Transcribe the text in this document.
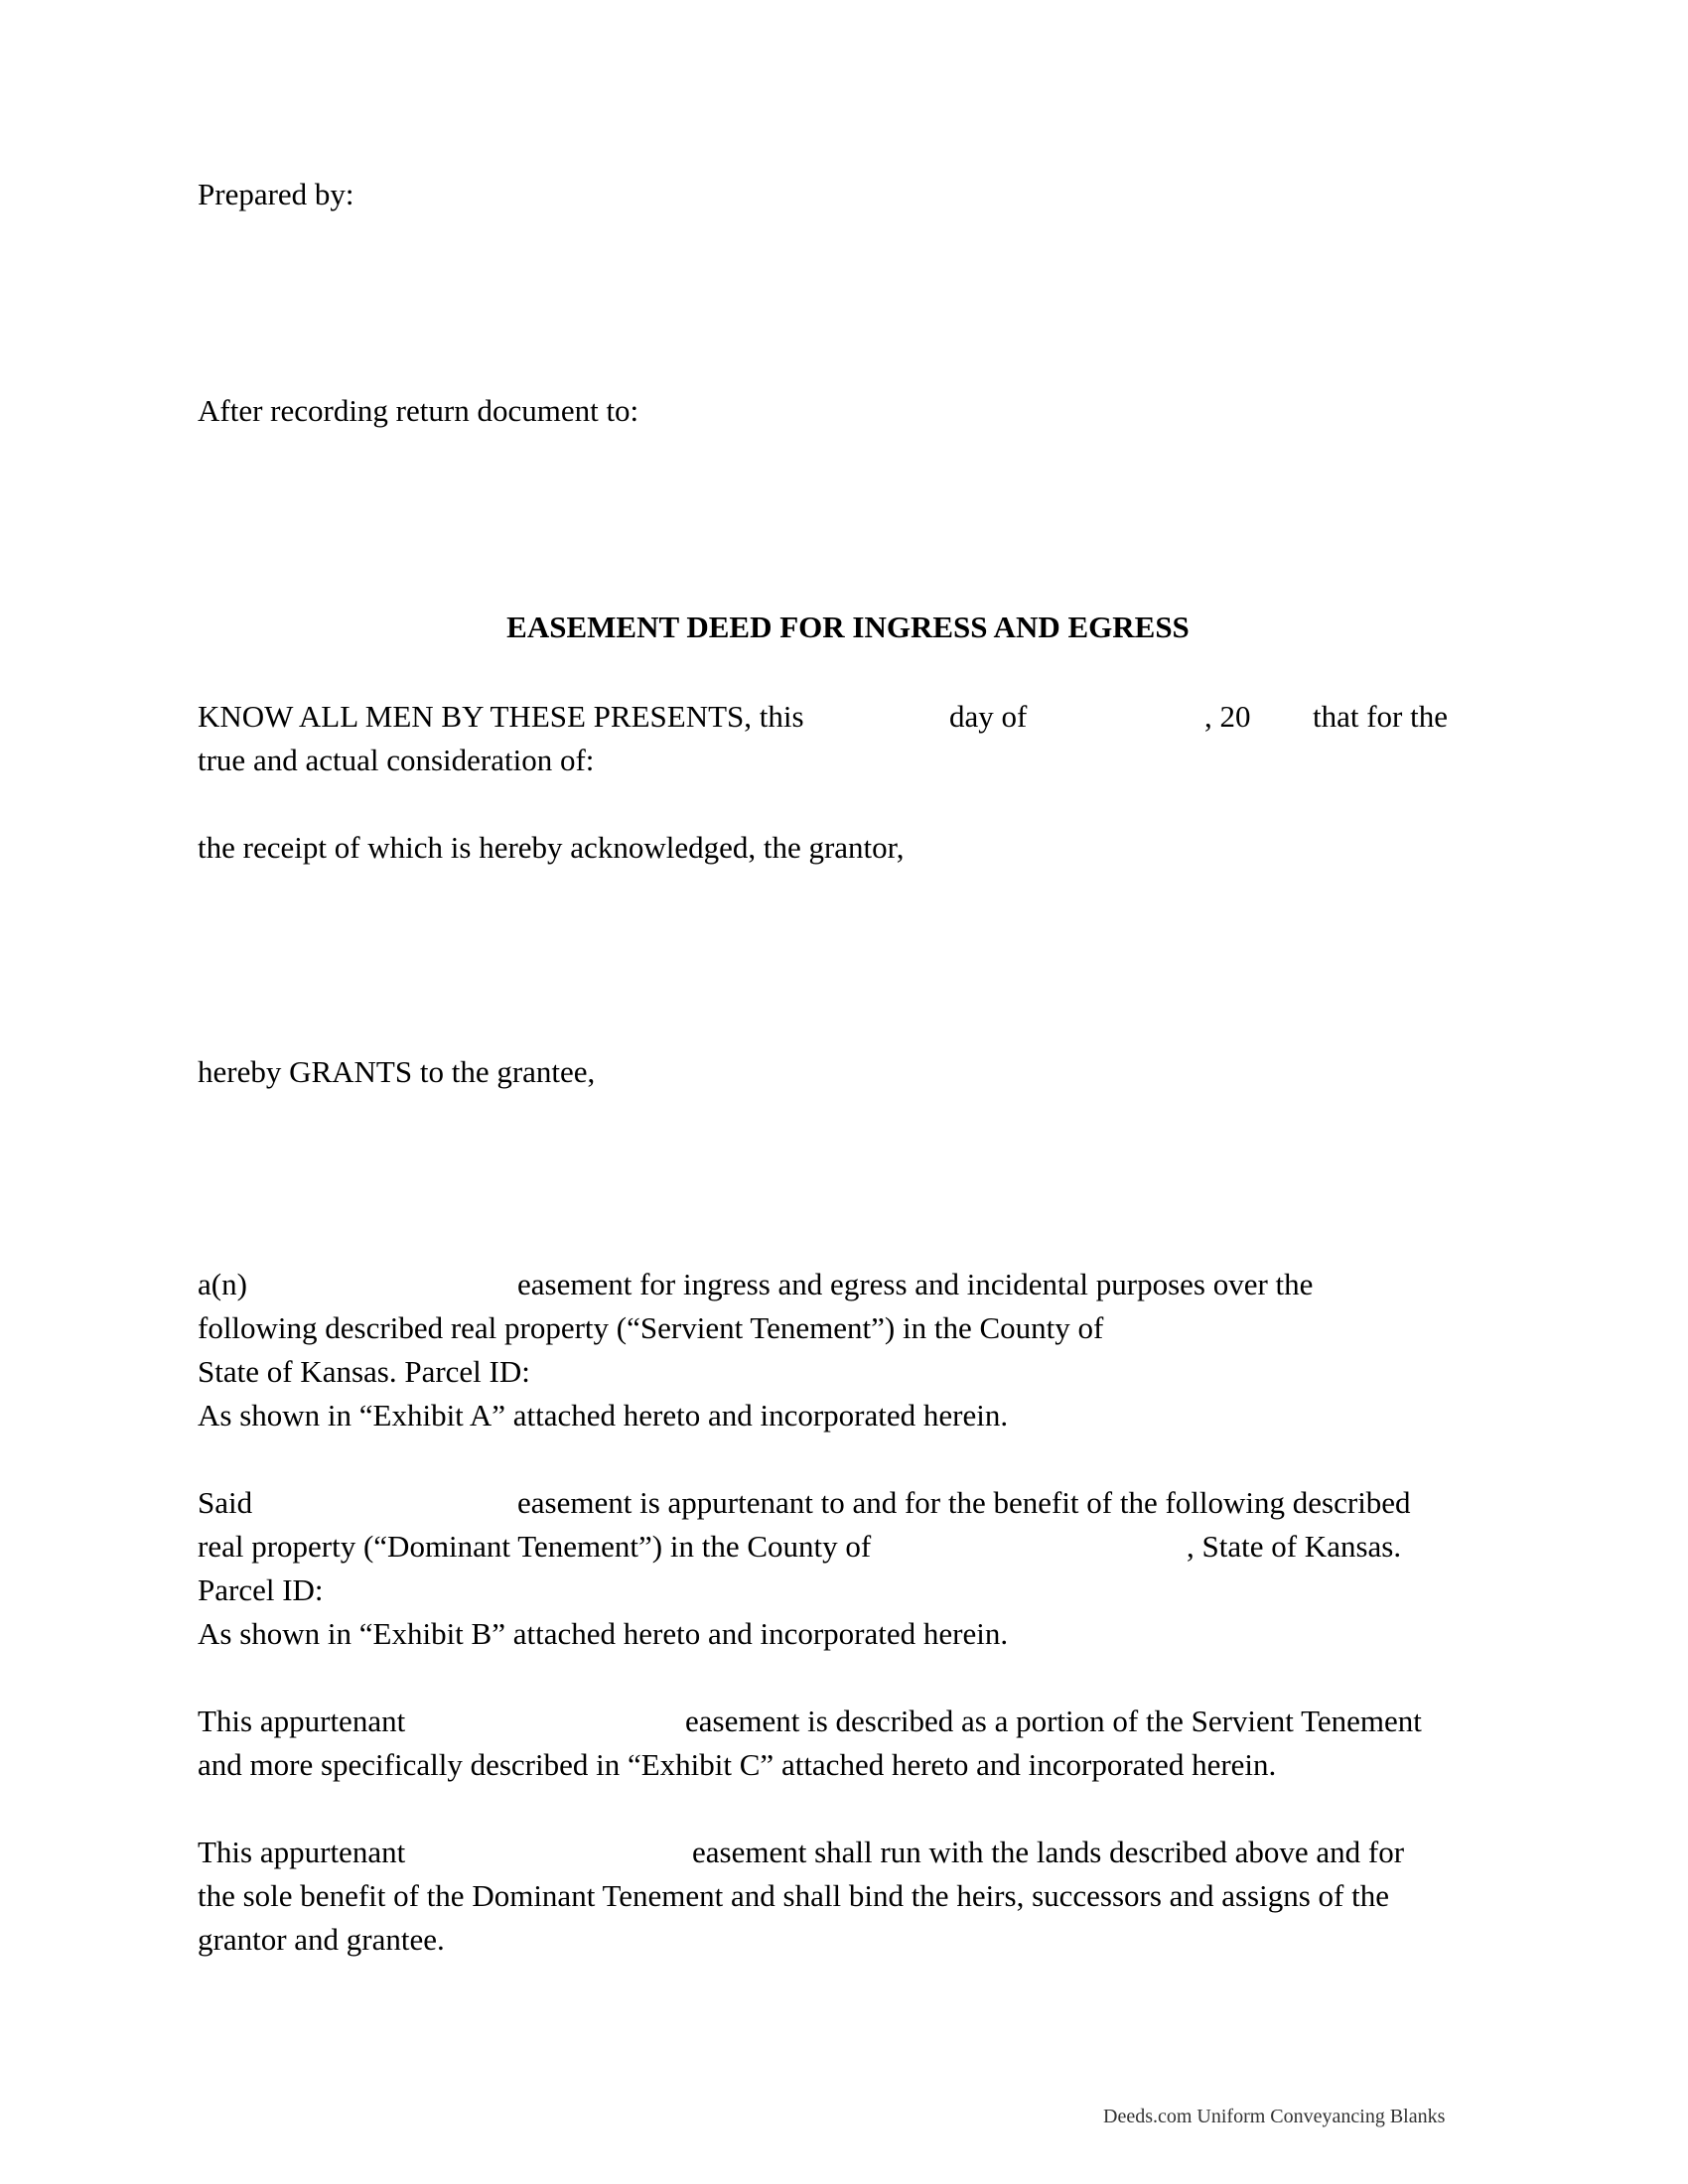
Prepared by:
After recording return document to:
EASEMENT DEED FOR INGRESS AND EGRESS
KNOW ALL MEN BY THESE PRESENTS, this	day of	, 20 that for the
true and actual consideration of:
the receipt of which is hereby acknowledged, the grantor,
hereby GRANTS to the grantee,
a(n)	easement for ingress and egress and incidental purposes over the
following described real property (“Servient Tenement”) in the County of
State of Kansas. Parcel ID:
As shown in “Exhibit A” attached hereto and incorporated herein.
Said	easement is appurtenant to and for the benefit of the following described
real property (“Dominant Tenement”) in the County of	, State of Kansas.
Parcel ID:
As shown in “Exhibit B” attached hereto and incorporated herein.
This appurtenant	easement is described as a portion of the Servient Tenement
and more specifically described in “Exhibit C” attached hereto and incorporated herein.
This appurtenant	easement shall run with the lands described above and for
the sole benefit of the Dominant Tenement and shall bind the heirs, successors and assigns of the
grantor and grantee.
Deeds.com Uniform Conveyancing Blanks
